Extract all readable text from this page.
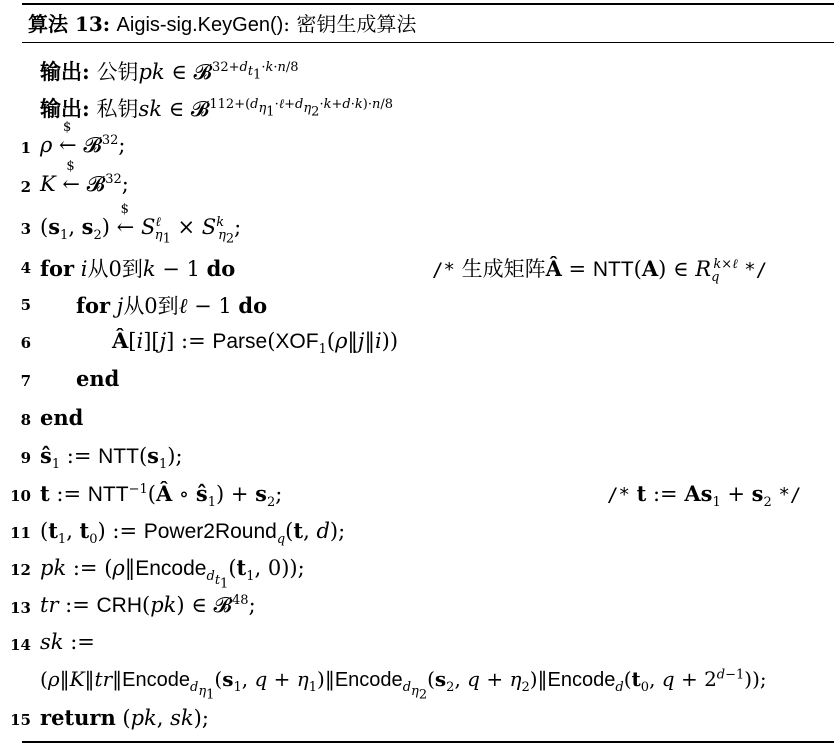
算法 13: Aigis-sig.KeyGen(): 密钥生成算法
输出: 公钥pk ∈ 𝓑$^{32+d_{t_1}\cdot k\cdot n/8}$
输出: 私钥sk ∈ 𝓑$^{112+(d_{\eta_1}\cdot\ell+d_{\eta_2}\cdot k+d\cdot k)\cdot n/8}$
1 ρ ←
$
𝓑$^{32}$;
2 K ←
$
𝓑$^{32}$;
3 ($s_1$, $s_2$) ←
$
$S^\ell_{\eta_1} \times S^k_{\eta_2}$;
4 for i从0到k − 1 do	/* 生成矩阵Â = NTT(A) ∈ $R_q^{k\times\ell}$ */
5 for j从0到ℓ − 1 do
6	Â[i][j] := $Parse(XOF_1(\rho‖j‖i))$
7 end
8 end
9 $ŝ_1$ := $NTT(s_1)$;
10 t := $NTT^{-1}(Â$ ∘ $ŝ_1) + s_2$;	/* t := $As_1 + s_2$ */
11 ($t_1$, $t_0$) := Power2Round$_q$(t, d);
12 pk := ($\rho‖Encode_{d_{t_1}}(t_1$, 0));
13 tr := CRH(pk) ∈ 𝓑$^{48}$;
14 sk :=
($\rho‖K‖tr‖Encode_{d_{\eta_1}}(s_1$, $q + \eta_1)‖Encode_{d_{\eta_2}}(s_2$, $q + \eta_2)‖Encode_d(t_0$, $q + 2^{d-1}$));
15 return (pk, sk);
